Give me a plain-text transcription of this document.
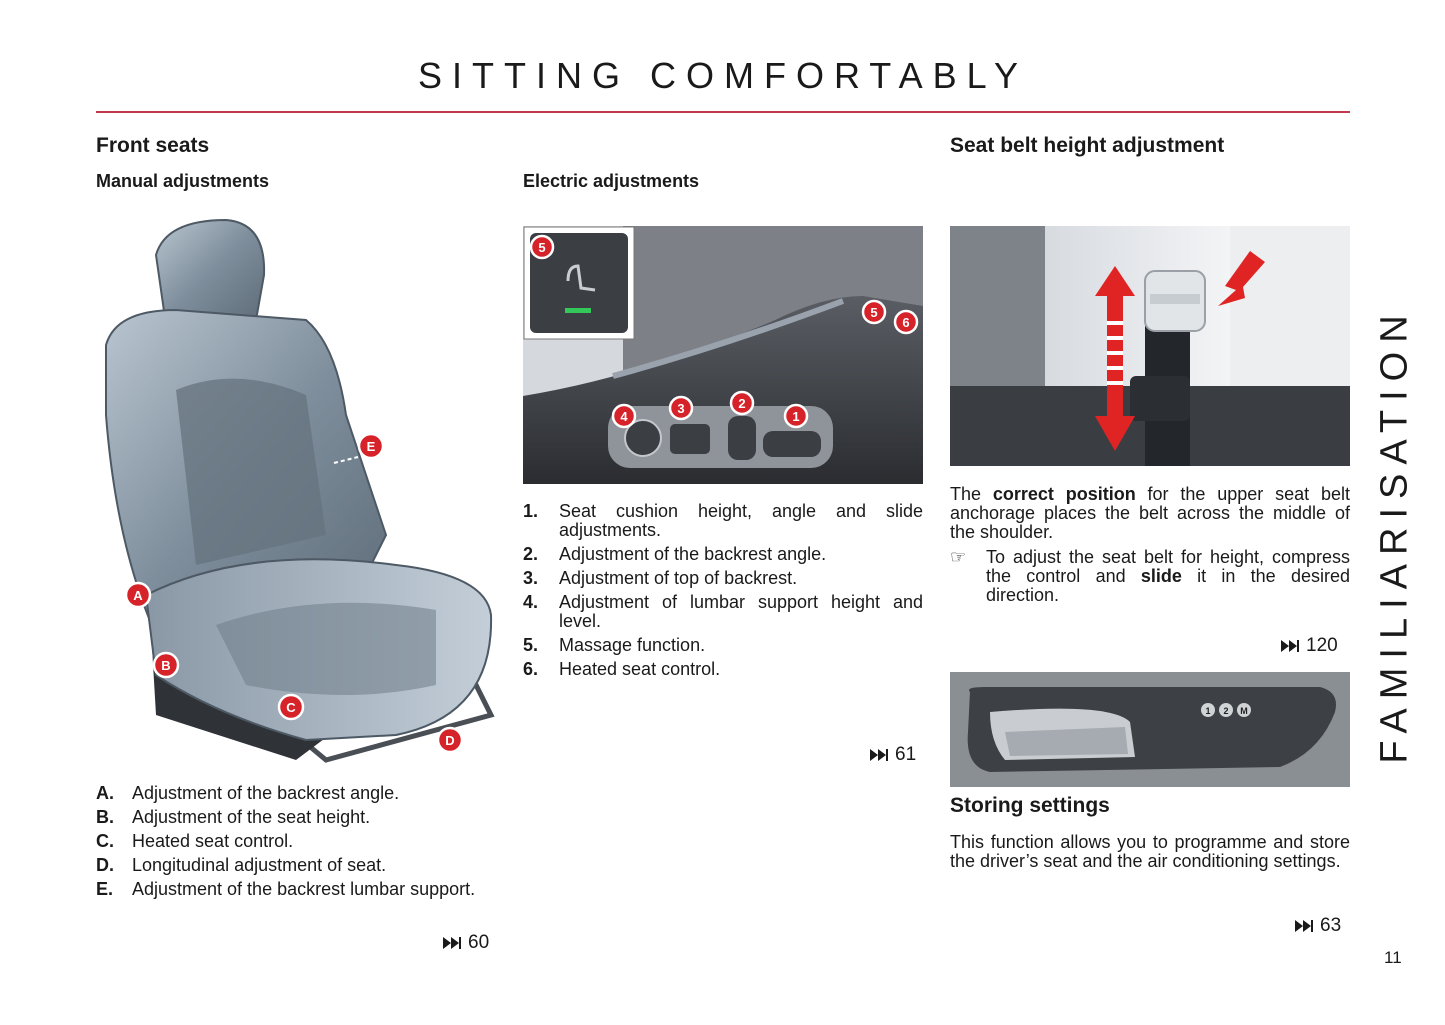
SITTING COMFORTABLY
Front seats
Manual adjustments	Electric adjustments
A
B
C
D
E
A.	Adjustment of the backrest angle.
B.	Adjustment of the seat height.
C.	Heated seat control.
D.	Longitudinal adjustment of seat.
E.	Adjustment of the backrest lumbar support.
60
5
4
3	2
1
5
6
1.	Seat cushion height, angle and slide adjustments.
2.	Adjustment of the backrest angle.
3.	Adjustment of top of backrest.
4.	Adjustment of lumbar support height and level.
5.	Massage function.
6.	Heated seat control.
61
Seat belt height adjustment
The correct position for the upper seat belt anchorage places the belt across the middle of the shoulder.
☞	To adjust the seat belt for height, compress the control and slide it in the desired direction.
120
1 2 M
Storing settings
This function allows you to programme and store the driver’s seat and the air conditioning settings.
63
FAMILIARISATION
11
